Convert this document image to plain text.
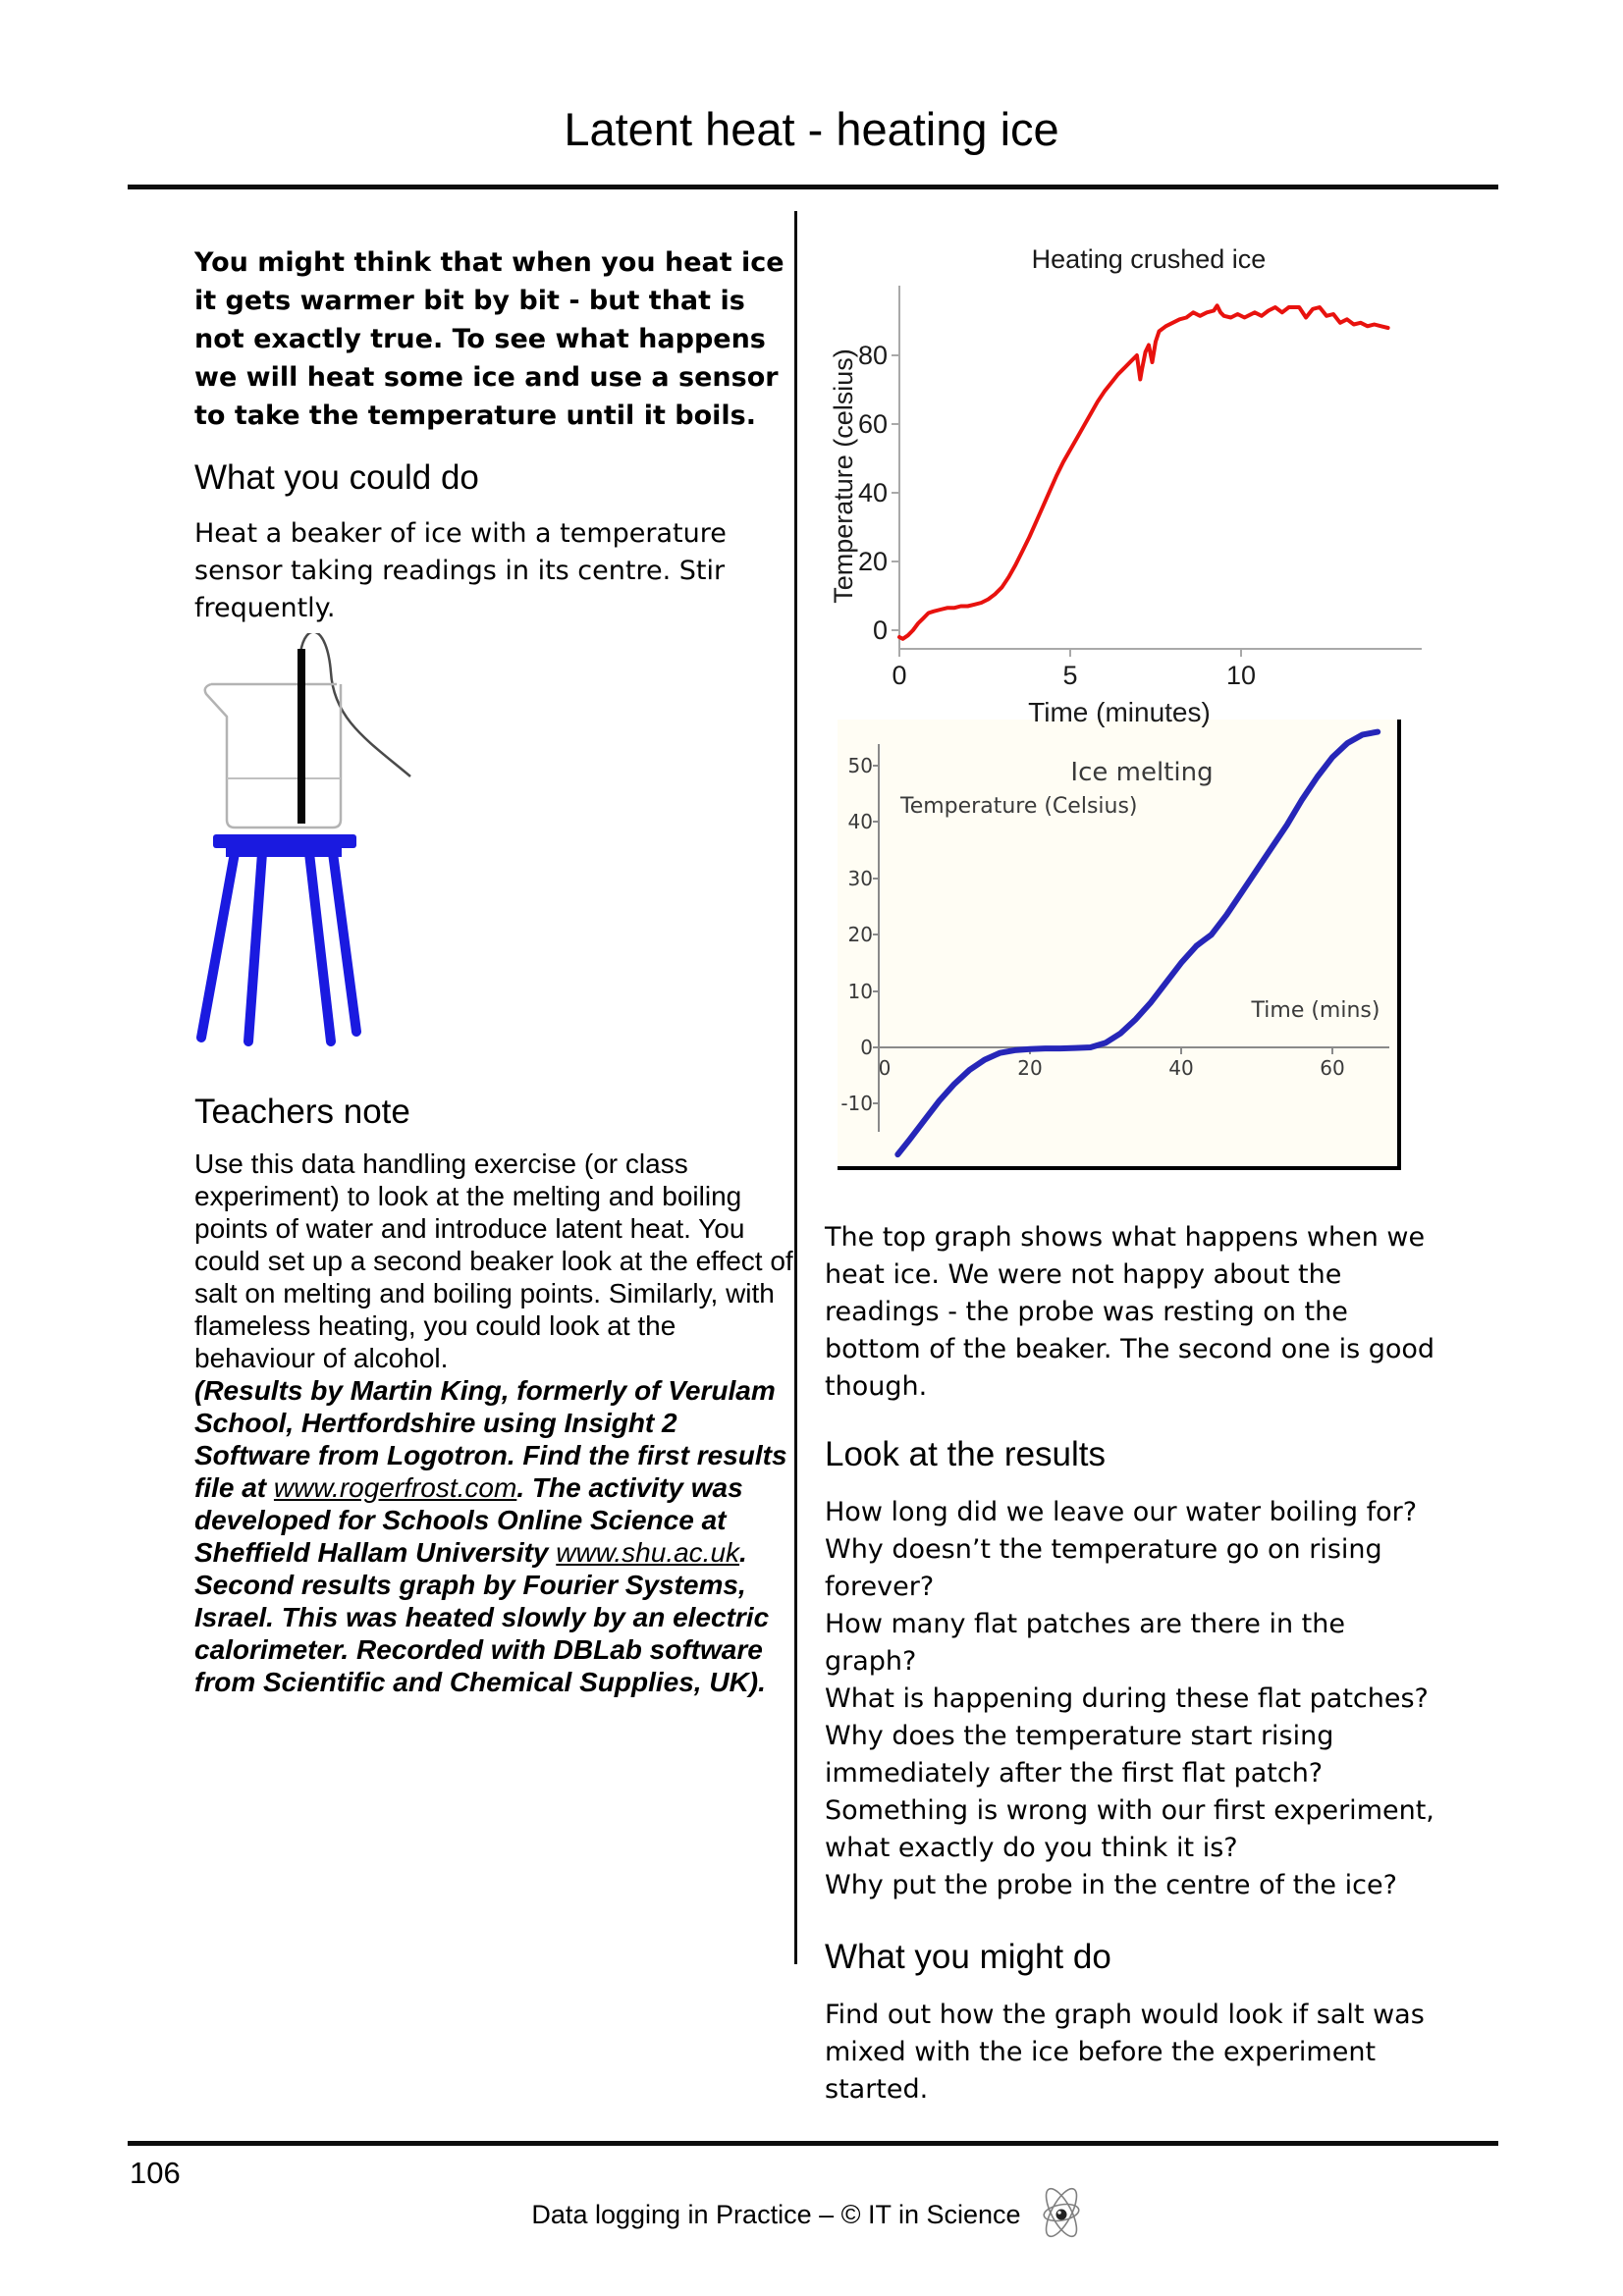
Latent heat - heating ice

You might think that when you heat ice it gets warmer bit by bit - but that is not exactly true. To see what happens we will heat some ice and use a sensor to take the temperature until it boils.

What you could do

Heat a beaker of ice with a temperature sensor taking readings in its centre. Stir frequently.

Teachers note

Use this data handling exercise (or class experiment) to look at the melting and boiling points of water and introduce latent heat. You could set up a second beaker look at the effect of salt on melting and boiling points. Similarly, with flameless heating, you could look at the behaviour of alcohol.

(Results by Martin King, formerly of Verulam School, Hertfordshire using Insight 2 Software from Logotron. Find the first results file at www.rogerfrost.com. The activity was developed for Schools Online Science at Sheffield Hallam University www.shu.ac.uk. Second results graph by Fourier Systems, Israel. This was heated slowly by an electric calorimeter. Recorded with DBLab software from Scientific and Chemical Supplies, UK).

Heating crushed ice
Temperature (celsius)
Time (minutes)
0
20
40
60
80
0	5	10
Ice melting
Temperature (Celsius)
Time (mins)
50
40
30
20
10
0
-10
0	20	40	60

The top graph shows what happens when we heat ice. We were not happy about the readings - the probe was resting on the bottom of the beaker. The second one is good though.

Look at the results
How long did we leave our water boiling for?
Why doesn’t the temperature go on rising forever?
How many flat patches are there in the graph?
What is happening during these flat patches?
Why does the temperature start rising immediately after the first flat patch?
Something is wrong with our first experiment, what exactly do you think it is?
Why put the probe in the centre of the ice?
What you might do

Find out how the graph would look if salt was mixed with the ice before the experiment started.

106
Data logging in Practice – © IT in Science
